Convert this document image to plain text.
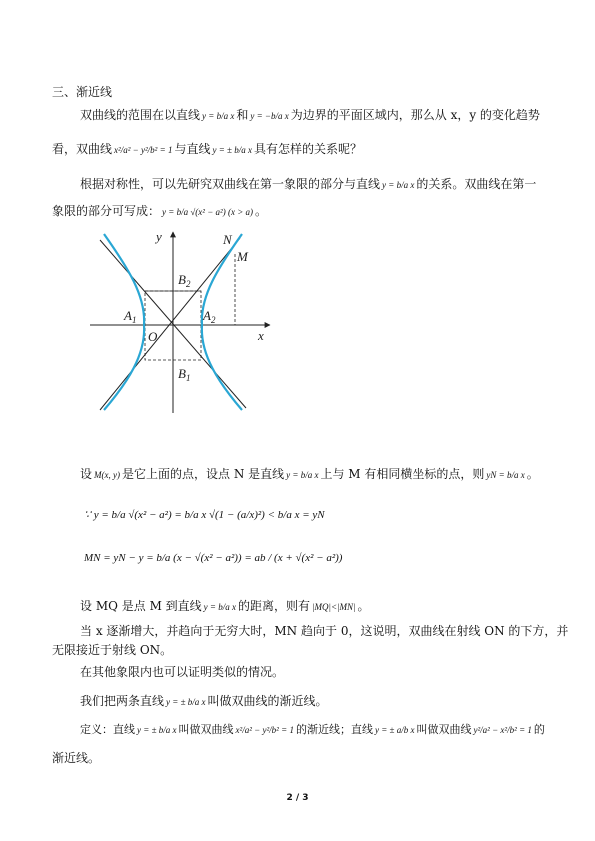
三、渐近线
双曲线的范围在以直线 y = b/a x 和 y = −b/a x 为边界的平面区域内，那么从 x，y 的变化趋势
看，双曲线 x²/a² − y²/b² = 1 与直线 y = ± b/a x 具有怎样的关系呢？
根据对称性，可以先研究双曲线在第一象限的部分与直线 y = b/a x 的关系。双曲线在第一
象限的部分可写成： y = b/a √(x² − a²) (x > a) 。
y
x
O
N
M
$A_1$	$A_2$
$B_2$
$B_1$
设 M(x, y) 是它上面的点，设点 N 是直线 y = b/a x 上与 M 有相同横坐标的点，则 yN = b/a x 。
∵ y = b/a √(x² − a²) = b/a x √(1 − (a/x)²) < b/a x = yN
MN = yN − y = b/a (x − √(x² − a²)) = ab / (x + √(x² − a²))
设 MQ 是点 M 到直线 y = b/a x 的距离，则有 |MQ|<|MN| 。
当 x 逐渐增大，并趋向于无穷大时，MN 趋向于 0，这说明，双曲线在射线 ON 的下方，并
无限接近于射线 ON。
在其他象限内也可以证明类似的情况。
我们把两条直线 y = ± b/a x 叫做双曲线的渐近线。
定义：直线 y = ± b/a x 叫做双曲线 x²/a² − y²/b² = 1 的渐近线；直线 y = ± a/b x 叫做双曲线 y²/a² − x²/b² = 1 的
渐近线。
2 / 3
